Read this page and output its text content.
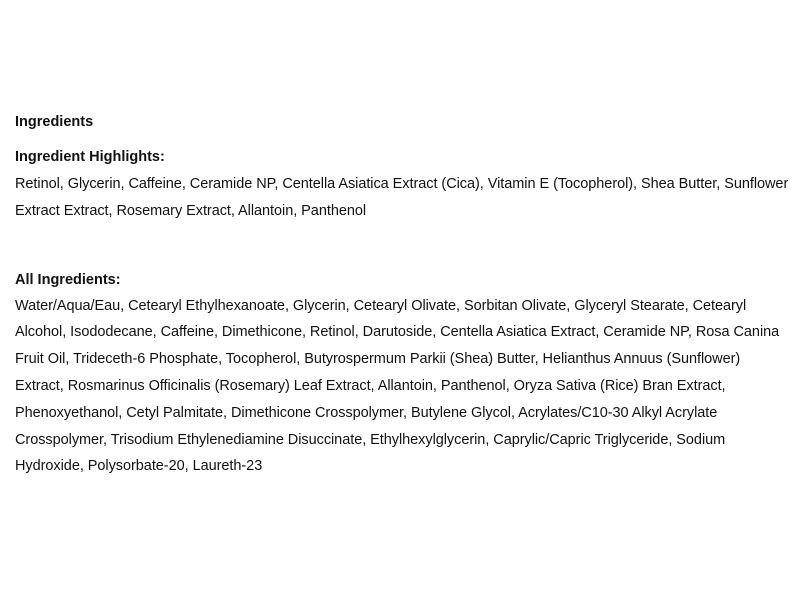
Ingredients

Ingredient Highlights:

Retinol, Glycerin, Caffeine, Ceramide NP, Centella Asiatica Extract (Cica), Vitamin E (Tocopherol), Shea Butter, Sunflower Extract Extract, Rosemary Extract, Allantoin, Panthenol

All Ingredients:

Water/Aqua/Eau, Cetearyl Ethylhexanoate, Glycerin, Cetearyl Olivate, Sorbitan Olivate, Glyceryl Stearate, Cetearyl Alcohol, Isododecane, Caffeine, Dimethicone, Retinol, Darutoside, Centella Asiatica Extract, Ceramide NP, Rosa Canina Fruit Oil, Trideceth-6 Phosphate, Tocopherol, Butyrospermum Parkii (Shea) Butter, Helianthus Annuus (Sunflower) Extract, Rosmarinus Officinalis (Rosemary) Leaf Extract, Allantoin, Panthenol, Oryza Sativa (Rice) Bran Extract, Phenoxyethanol, Cetyl Palmitate, Dimethicone Crosspolymer, Butylene Glycol, Acrylates/C10-30 Alkyl Acrylate Crosspolymer, Trisodium Ethylenediamine Disuccinate, Ethylhexylglycerin, Caprylic/Capric Triglyceride, Sodium Hydroxide, Polysorbate-20, Laureth-23
